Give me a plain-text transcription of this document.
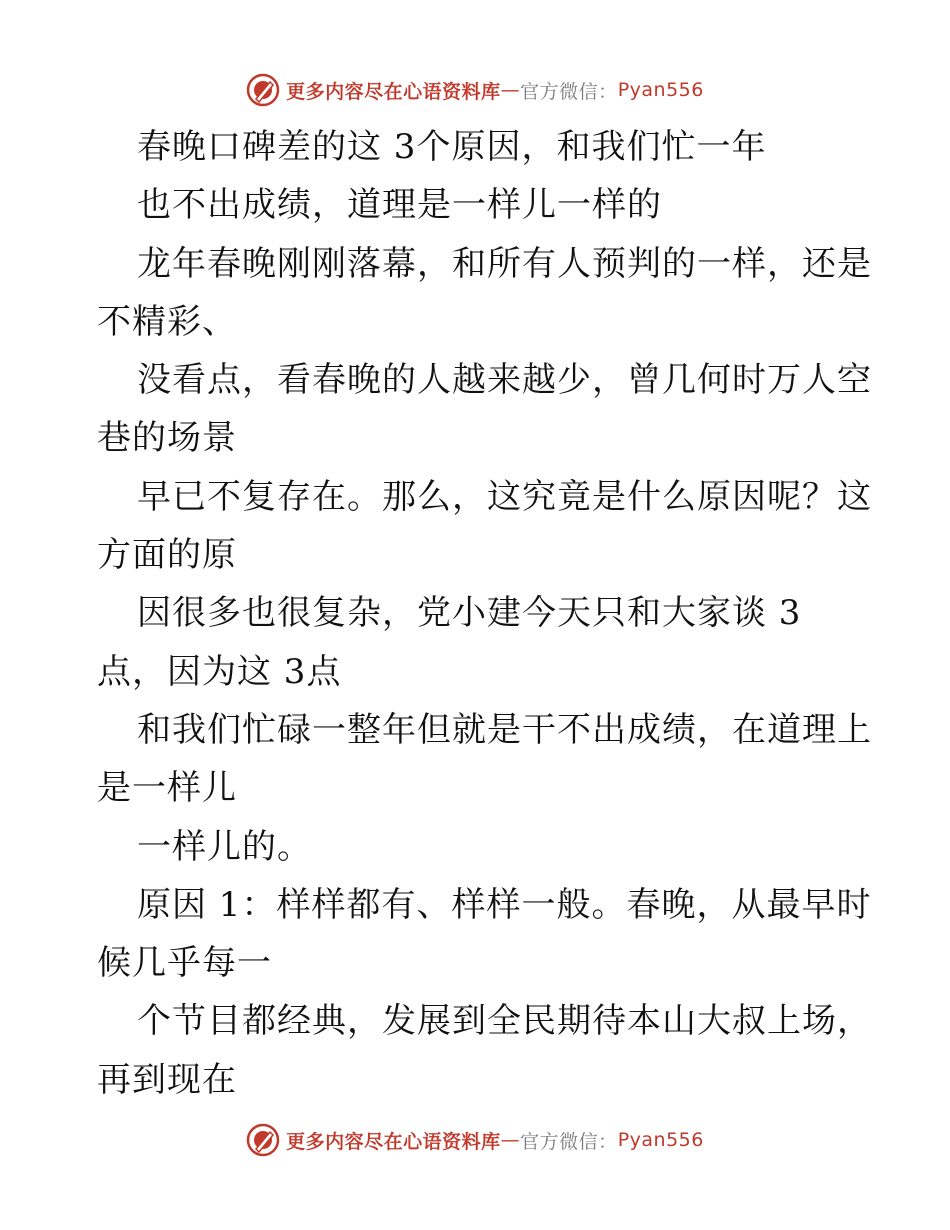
更多内容尽在心语资料库 — 官方微信： Pyan556
春晚口碑差的这 3个原因，和我们忙一年
也不出成绩，道理是一样儿一样的
龙年春晚刚刚落幕，和所有人预判的一样，还是
不精彩、
没看点，看春晚的人越来越少，曾几何时万人空
巷的场景
早已不复存在。那么，这究竟是什么原因呢？这
方面的原
因很多也很复杂，党小建今天只和大家谈 3
点，因为这 3点
和我们忙碌一整年但就是干不出成绩，在道理上
是一样儿
一样儿的。
原因 1：样样都有、样样一般。春晚，从最早时
候几乎每一
个节目都经典，发展到全民期待本山大叔上场，
再到现在
更多内容尽在心语资料库 — 官方微信： Pyan556
